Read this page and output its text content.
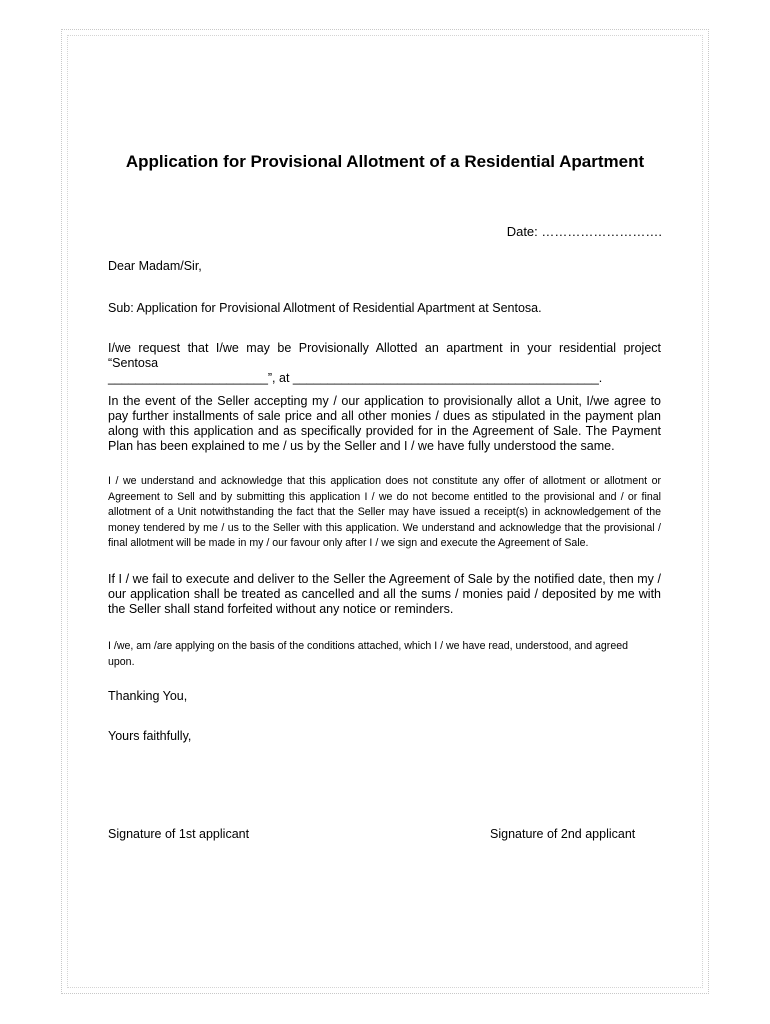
Application for Provisional Allotment of a Residential Apartment
Date: ……………………….

Dear Madam/Sir,

Sub: Application for Provisional Allotment of Residential Apartment at Sentosa.

I/we request that I/we may be Provisionally Allotted an apartment in your residential project “Sentosa
_______________________”, at ____________________________________________.

In the event of the Seller accepting my / our application to provisionally allot a Unit, I/we agree to pay further installments of sale price and all other monies / dues as stipulated in the payment plan along with this application and as specifically provided for in the Agreement of Sale. The Payment Plan has been explained to me / us by the Seller and I / we have fully understood the same.

I / we understand and acknowledge that this application does not constitute any offer of allotment or allotment or Agreement to Sell and by submitting this application I / we do not become entitled to the provisional and / or final allotment of a Unit notwithstanding the fact that the Seller may have issued a receipt(s) in acknowledgement of the money tendered by me / us to the Seller with this application. We understand and acknowledge that the provisional / final allotment will be made in my / our favour only after I / we sign and execute the Agreement of Sale.

If I / we fail to execute and deliver to the Seller the Agreement of Sale by the notified date, then my / our application shall be treated as cancelled and all the sums / monies paid / deposited by me with the Seller shall stand forfeited without any notice or reminders.

I /we, am /are applying on the basis of the conditions attached, which I / we have read, understood, and agreed upon.

Thanking You,

Yours faithfully,

Signature of 1st applicant	Signature of 2nd applicant
